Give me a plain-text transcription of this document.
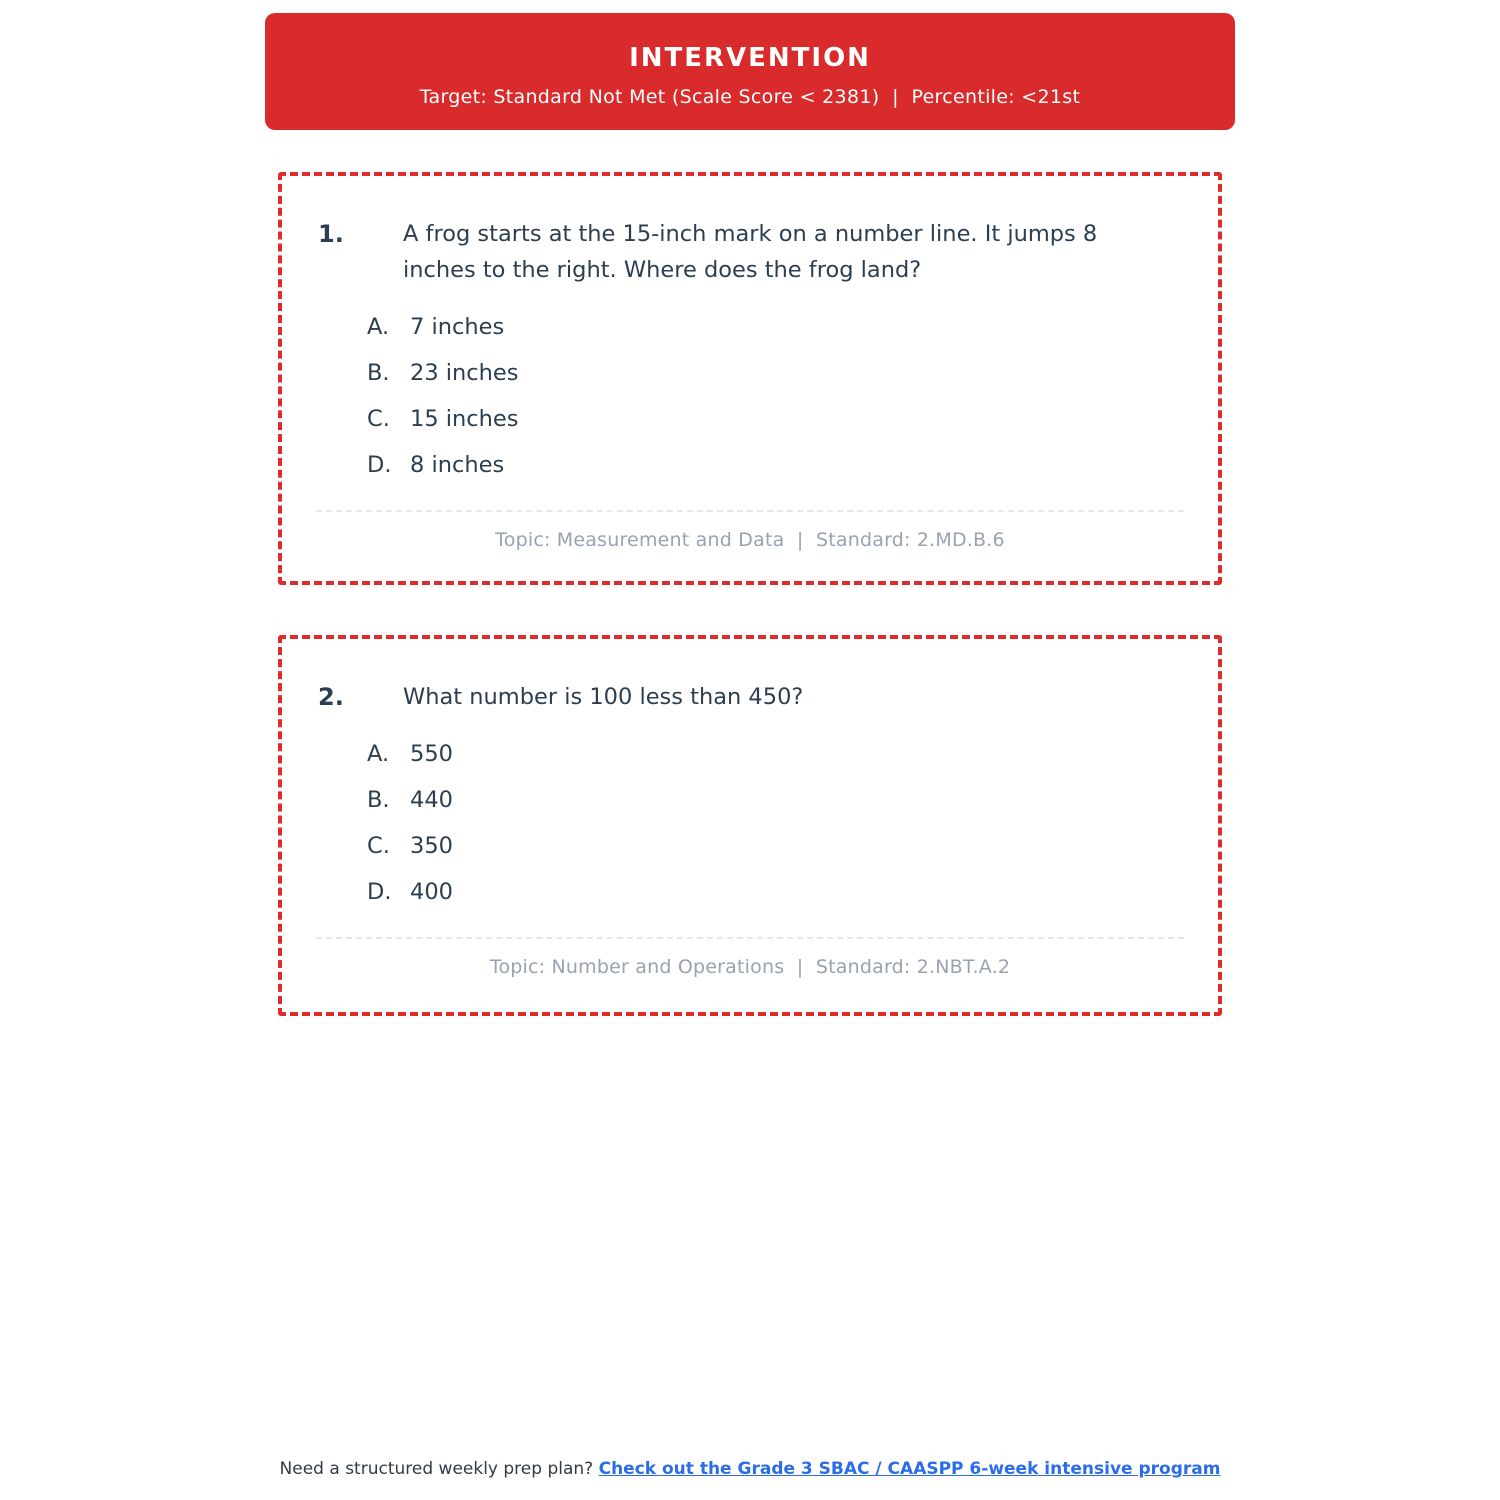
INTERVENTION
Target: Standard Not Met (Scale Score < 2381)  |  Percentile: <21st
1.	A frog starts at the 15-inch mark on a number line. It jumps 8 inches to the right. Where does the frog land?
A. 7 inches
B. 23 inches
C. 15 inches
D. 8 inches
Topic: Measurement and Data  |  Standard: 2.MD.B.6
2.	What number is 100 less than 450?
A. 550
B. 440
C. 350
D. 400
Topic: Number and Operations  |  Standard: 2.NBT.A.2
Need a structured weekly prep plan? Check out the Grade 3 SBAC / CAASPP 6-week intensive program
